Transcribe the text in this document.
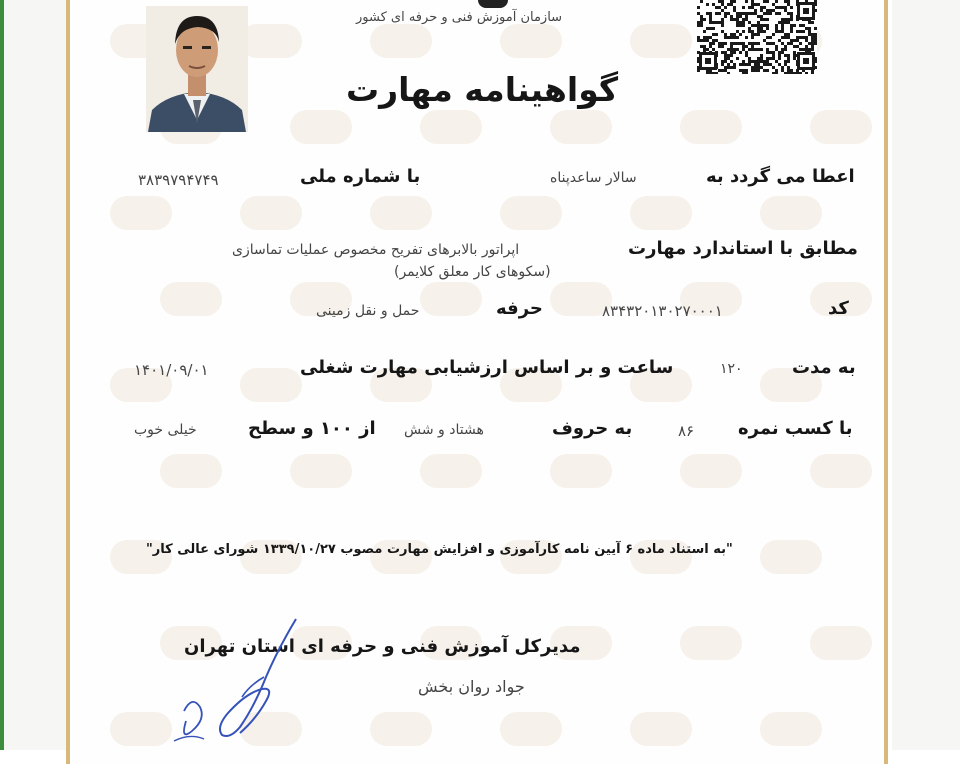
سازمان آموزش فنی و حرفه ای کشور
گواهینامه مهارت
اعطا می گردد به
سالار ساعدپناه
با شماره ملی
۳۸۳۹۷۹۴۷۴۹
مطابق با استاندارد مهارت
اپراتور بالابرهای تفریح مخصوص عملیات تماسازی
(سکوهای کار معلق کلایمر)
کد
۸۳۴۳۲۰۱۳۰۲۷۰۰۰۱
حرفه
حمل و نقل زمینی
به مدت
۱۲۰
ساعت و بر اساس ارزشیابی مهارت شغلی
۱۴۰۱/۰۹/۰۱
با کسب نمره
۸۶
به حروف
هشتاد و شش
از ۱۰۰ و سطح
خیلی خوب
"به استناد ماده ۶ آیین نامه کارآموزی و افزایش مهارت مصوب ۱۳۳۹/۱۰/۲۷ شورای عالی کار"
مدیرکل آموزش فنی و حرفه ای استان تهران
جواد روان بخش
